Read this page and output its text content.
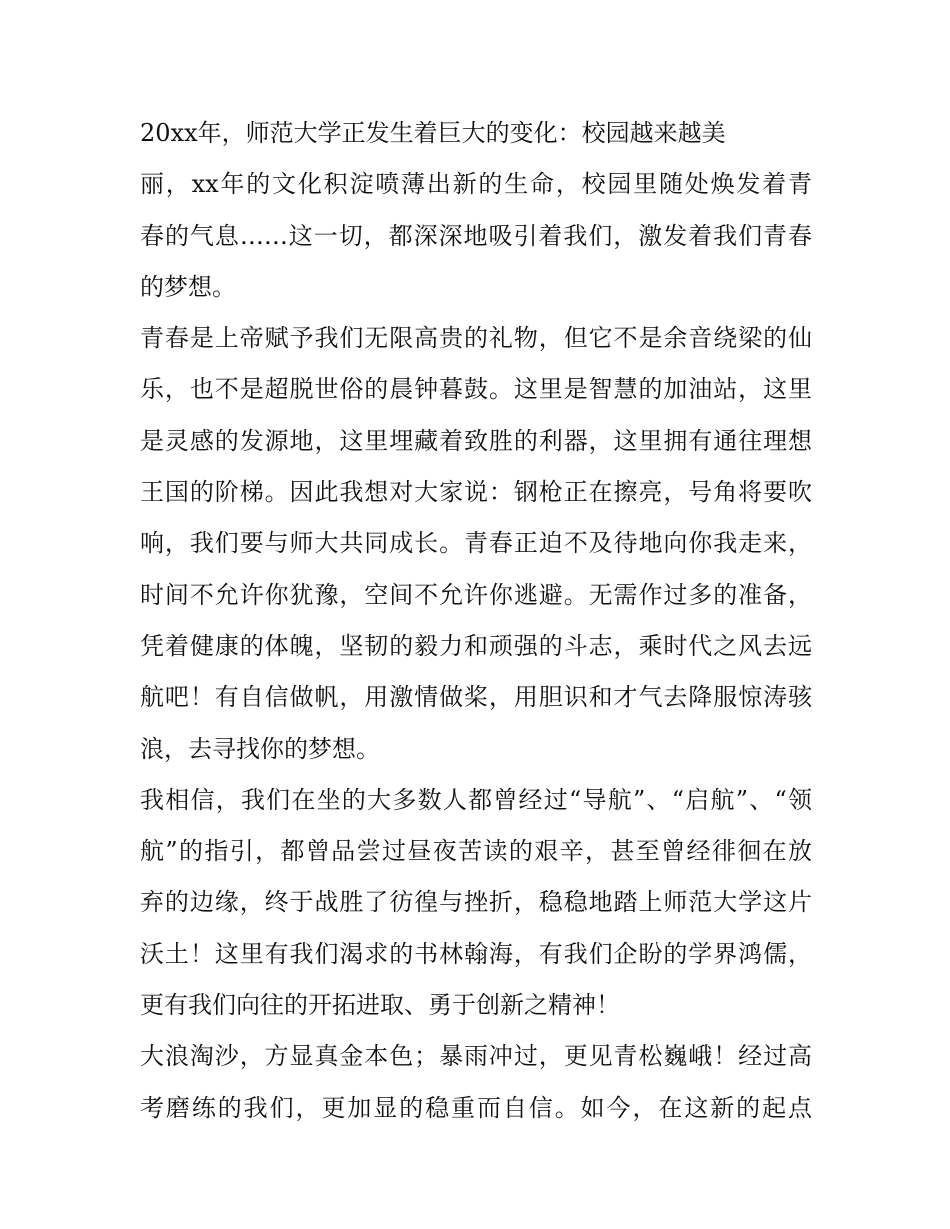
20xx年，师范大学正发生着巨大的变化：校园越来越美
丽，xx年的文化积淀喷薄出新的生命，校园里随处焕发着青
春的气息……这一切，都深深地吸引着我们，激发着我们青春
的梦想。
青春是上帝赋予我们无限高贵的礼物，但它不是余音绕梁的仙
乐，也不是超脱世俗的晨钟暮鼓。这里是智慧的加油站，这里
是灵感的发源地，这里埋藏着致胜的利器，这里拥有通往理想
王国的阶梯。因此我想对大家说：钢枪正在擦亮，号角将要吹
响，我们要与师大共同成长。青春正迫不及待地向你我走来，
时间不允许你犹豫，空间不允许你逃避。无需作过多的准备，
凭着健康的体魄，坚韧的毅力和顽强的斗志，乘时代之风去远
航吧！有自信做帆，用激情做桨，用胆识和才气去降服惊涛骇
浪，去寻找你的梦想。
我相信，我们在坐的大多数人都曾经过“导航”、“启航”、“领
航”的指引，都曾品尝过昼夜苦读的艰辛，甚至曾经徘徊在放
弃的边缘，终于战胜了彷徨与挫折，稳稳地踏上师范大学这片
沃土！这里有我们渴求的书林翰海，有我们企盼的学界鸿儒，
更有我们向往的开拓进取、勇于创新之精神！
大浪淘沙，方显真金本色；暴雨冲过，更见青松巍峨！经过高
考磨练的我们，更加显的稳重而自信。如今，在这新的起点
